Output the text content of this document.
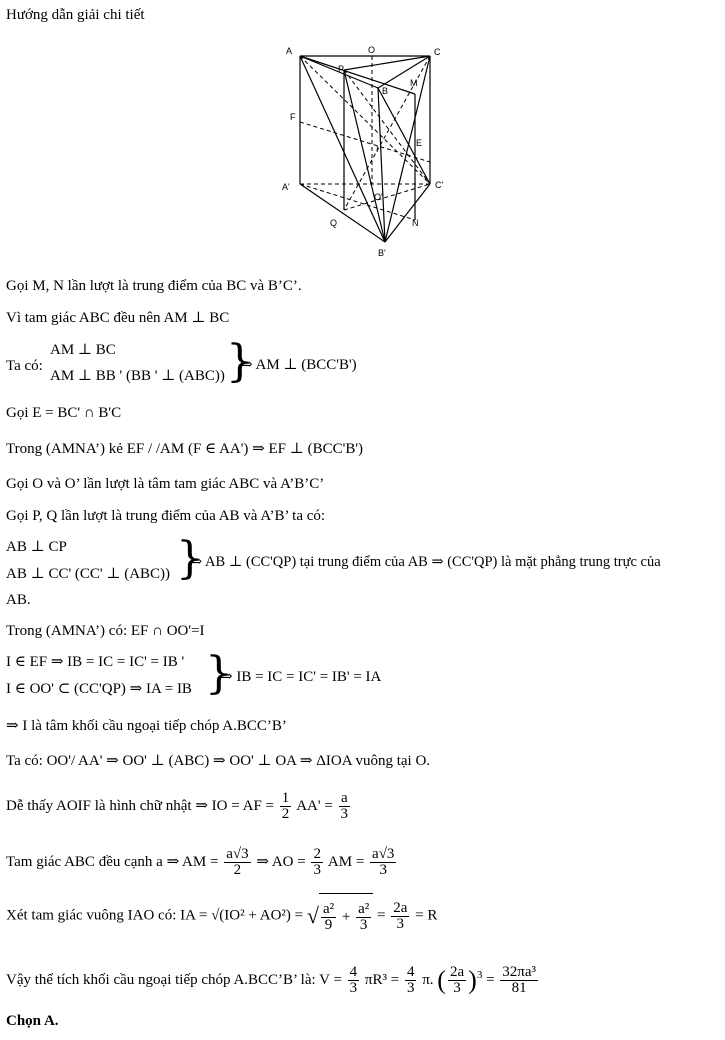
Hướng dẫn giải chi tiết
A	O	C
P
B
M
F
E
I
A'	C'
O'
Q	N
B'
Gọi M, N lần lượt là trung điểm của BC và B’C’.
Vì tam giác ABC đều nên AM ⊥ BC
Ta có:
AM ⊥ BC
AM ⊥ BB ' (BB ' ⊥ (ABC)) }
⇒ AM ⊥ (BCC'B')
Gọi E = BC' ∩ B'C
Trong (AMNA’) kẻ EF / /AM (F ∈ AA') ⇒ EF ⊥ (BCC'B')
Gọi O và O’ lần lượt là tâm tam giác ABC và A’B’C’
Gọi P, Q lần lượt là trung điểm của AB và A’B’ ta có:
AB ⊥ CP
AB ⊥ CC' (CC' ⊥ (ABC)) }
⇒ AB ⊥ (CC'QP) tại trung điểm của AB ⇒ (CC'QP) là mặt phẳng trung trực của
AB.
Trong (AMNA’) có: EF ∩ OO'=I
I ∈ EF ⇒ IB = IC = IC' = IB '
I ∈ OO' ⊂ (CC'QP) ⇒ IA = IB }
⇒ IB = IC = IC' = IB' = IA
⇒ I là tâm khối cầu ngoại tiếp chóp A.BCC’B’
Ta có: OO'/ AA' ⇒ OO' ⊥ (ABC) ⇒ OO' ⊥ OA ⇒ ΔIOA vuông tại O.
Dễ thấy AOIF là hình chữ nhật ⇒ IO = AF = $\frac{1}{2} AA' = \frac{a}{3}$
Tam giác ABC đều cạnh a ⇒ AM = $\frac{a√3}{2}$ ⇒ AO = $\frac{2}{3}$ AM = $\frac{a√3}{3}$
Xét tam giác vuông IAO có: IA = √(IO² + AO²) = √ $\frac{\text{a²}}{9} + \frac{\text{a²}}{3} = \frac{2a}{3} = R$
Vậy thể tích khối cầu ngoại tiếp chóp A.BCC’B’ là: $V = \frac{4}{3} \pi R^3 = \frac{4}{3} \pi$. ( $\frac{2a}{3} )^3 = \frac{\text{32πa³}}{81}$
Chọn A.
